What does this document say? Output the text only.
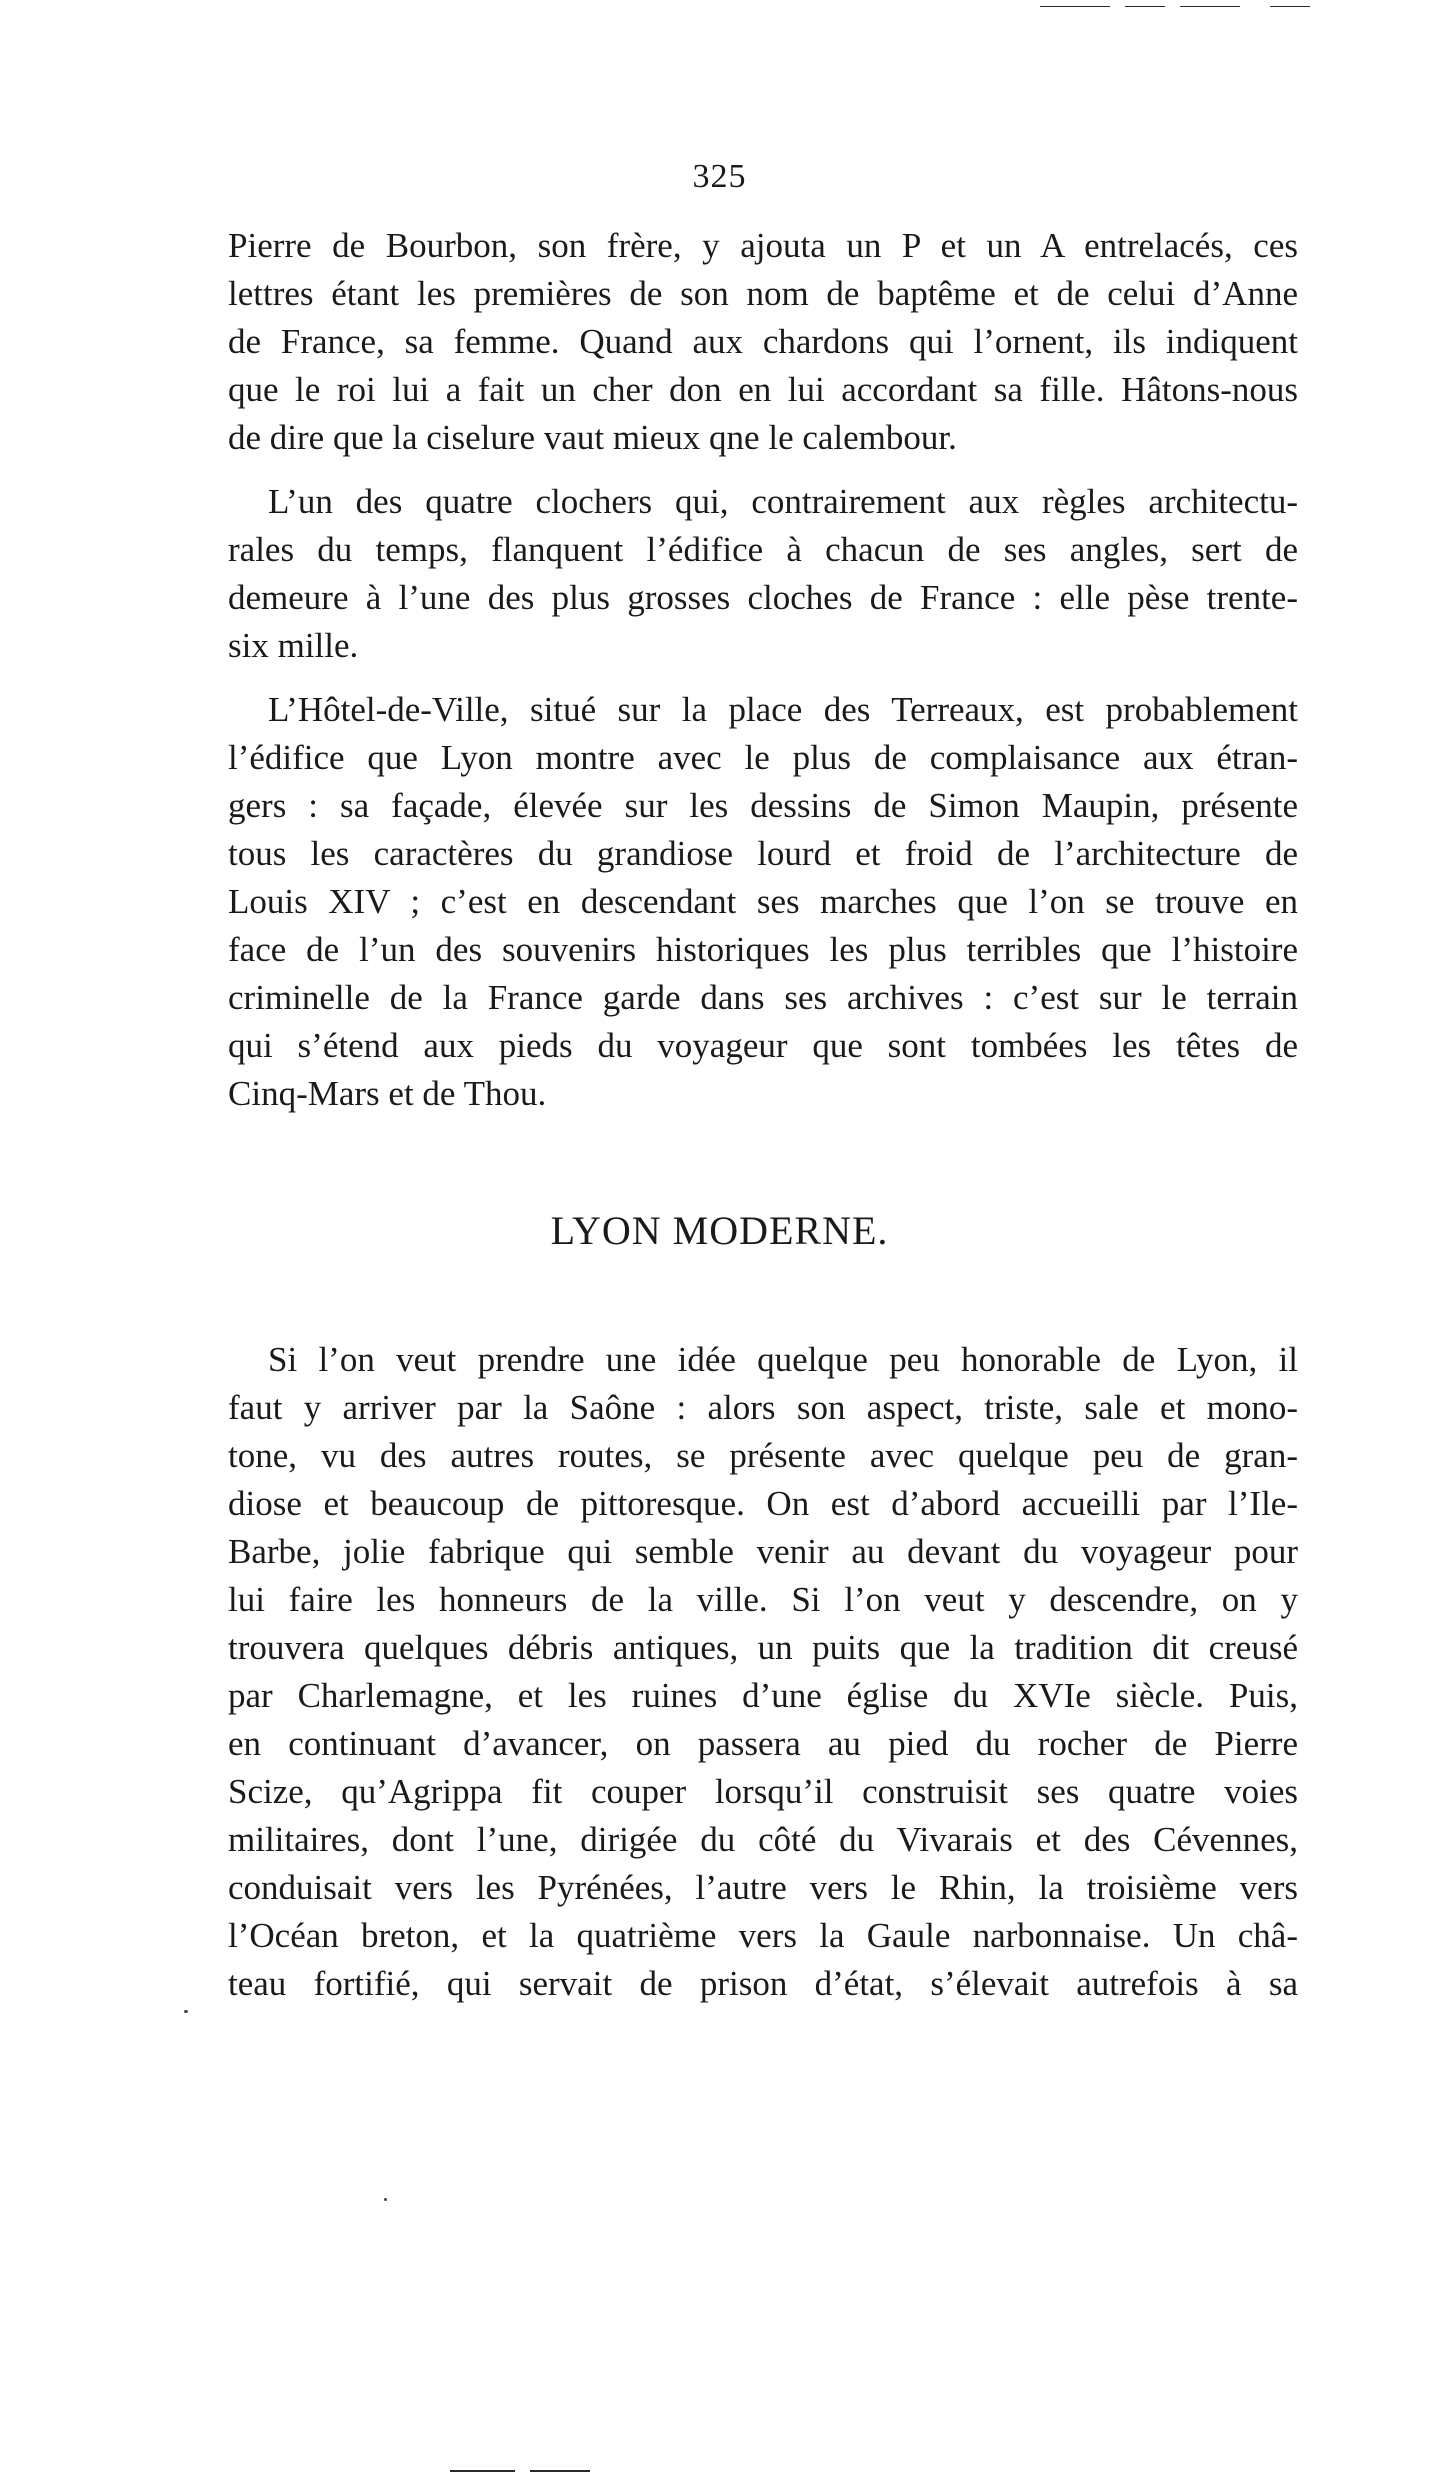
325
Pierre de Bourbon, son frère, y ajouta un P et un A entrelacés, ces
lettres étant les premières de son nom de baptême et de celui d’Anne
de France, sa femme. Quand aux chardons qui l’ornent, ils indiquent
que le roi lui a fait un cher don en lui accordant sa fille. Hâtons-nous
de dire que la ciselure vaut mieux qne le calembour.
L’un des quatre clochers qui, contrairement aux règles architectu-
rales du temps, flanquent l’édifice à chacun de ses angles, sert de
demeure à l’une des plus grosses cloches de France : elle pèse trente-
six mille.
L’Hôtel-de-Ville, situé sur la place des Terreaux, est probablement
l’édifice que Lyon montre avec le plus de complaisance aux étran-
gers : sa façade, élevée sur les dessins de Simon Maupin, présente
tous les caractères du grandiose lourd et froid de l’architecture de
Louis XIV ; c’est en descendant ses marches que l’on se trouve en
face de l’un des souvenirs historiques les plus terribles que l’histoire
criminelle de la France garde dans ses archives : c’est sur le terrain
qui s’étend aux pieds du voyageur que sont tombées les têtes de
Cinq-Mars et de Thou.
LYON MODERNE.
Si l’on veut prendre une idée quelque peu honorable de Lyon, il
faut y arriver par la Saône : alors son aspect, triste, sale et mono-
tone, vu des autres routes, se présente avec quelque peu de gran-
diose et beaucoup de pittoresque. On est d’abord accueilli par l’Ile-
Barbe, jolie fabrique qui semble venir au devant du voyageur pour
lui faire les honneurs de la ville. Si l’on veut y descendre, on y
trouvera quelques débris antiques, un puits que la tradition dit creusé
par Charlemagne, et les ruines d’une église du XVIe siècle. Puis,
en continuant d’avancer, on passera au pied du rocher de Pierre
Scize, qu’Agrippa fit couper lorsqu’il construisit ses quatre voies
militaires, dont l’une, dirigée du côté du Vivarais et des Cévennes,
conduisait vers les Pyrénées, l’autre vers le Rhin, la troisième vers
l’Océan breton, et la quatrième vers la Gaule narbonnaise. Un châ-
teau fortifié, qui servait de prison d’état, s’élevait autrefois à sa
